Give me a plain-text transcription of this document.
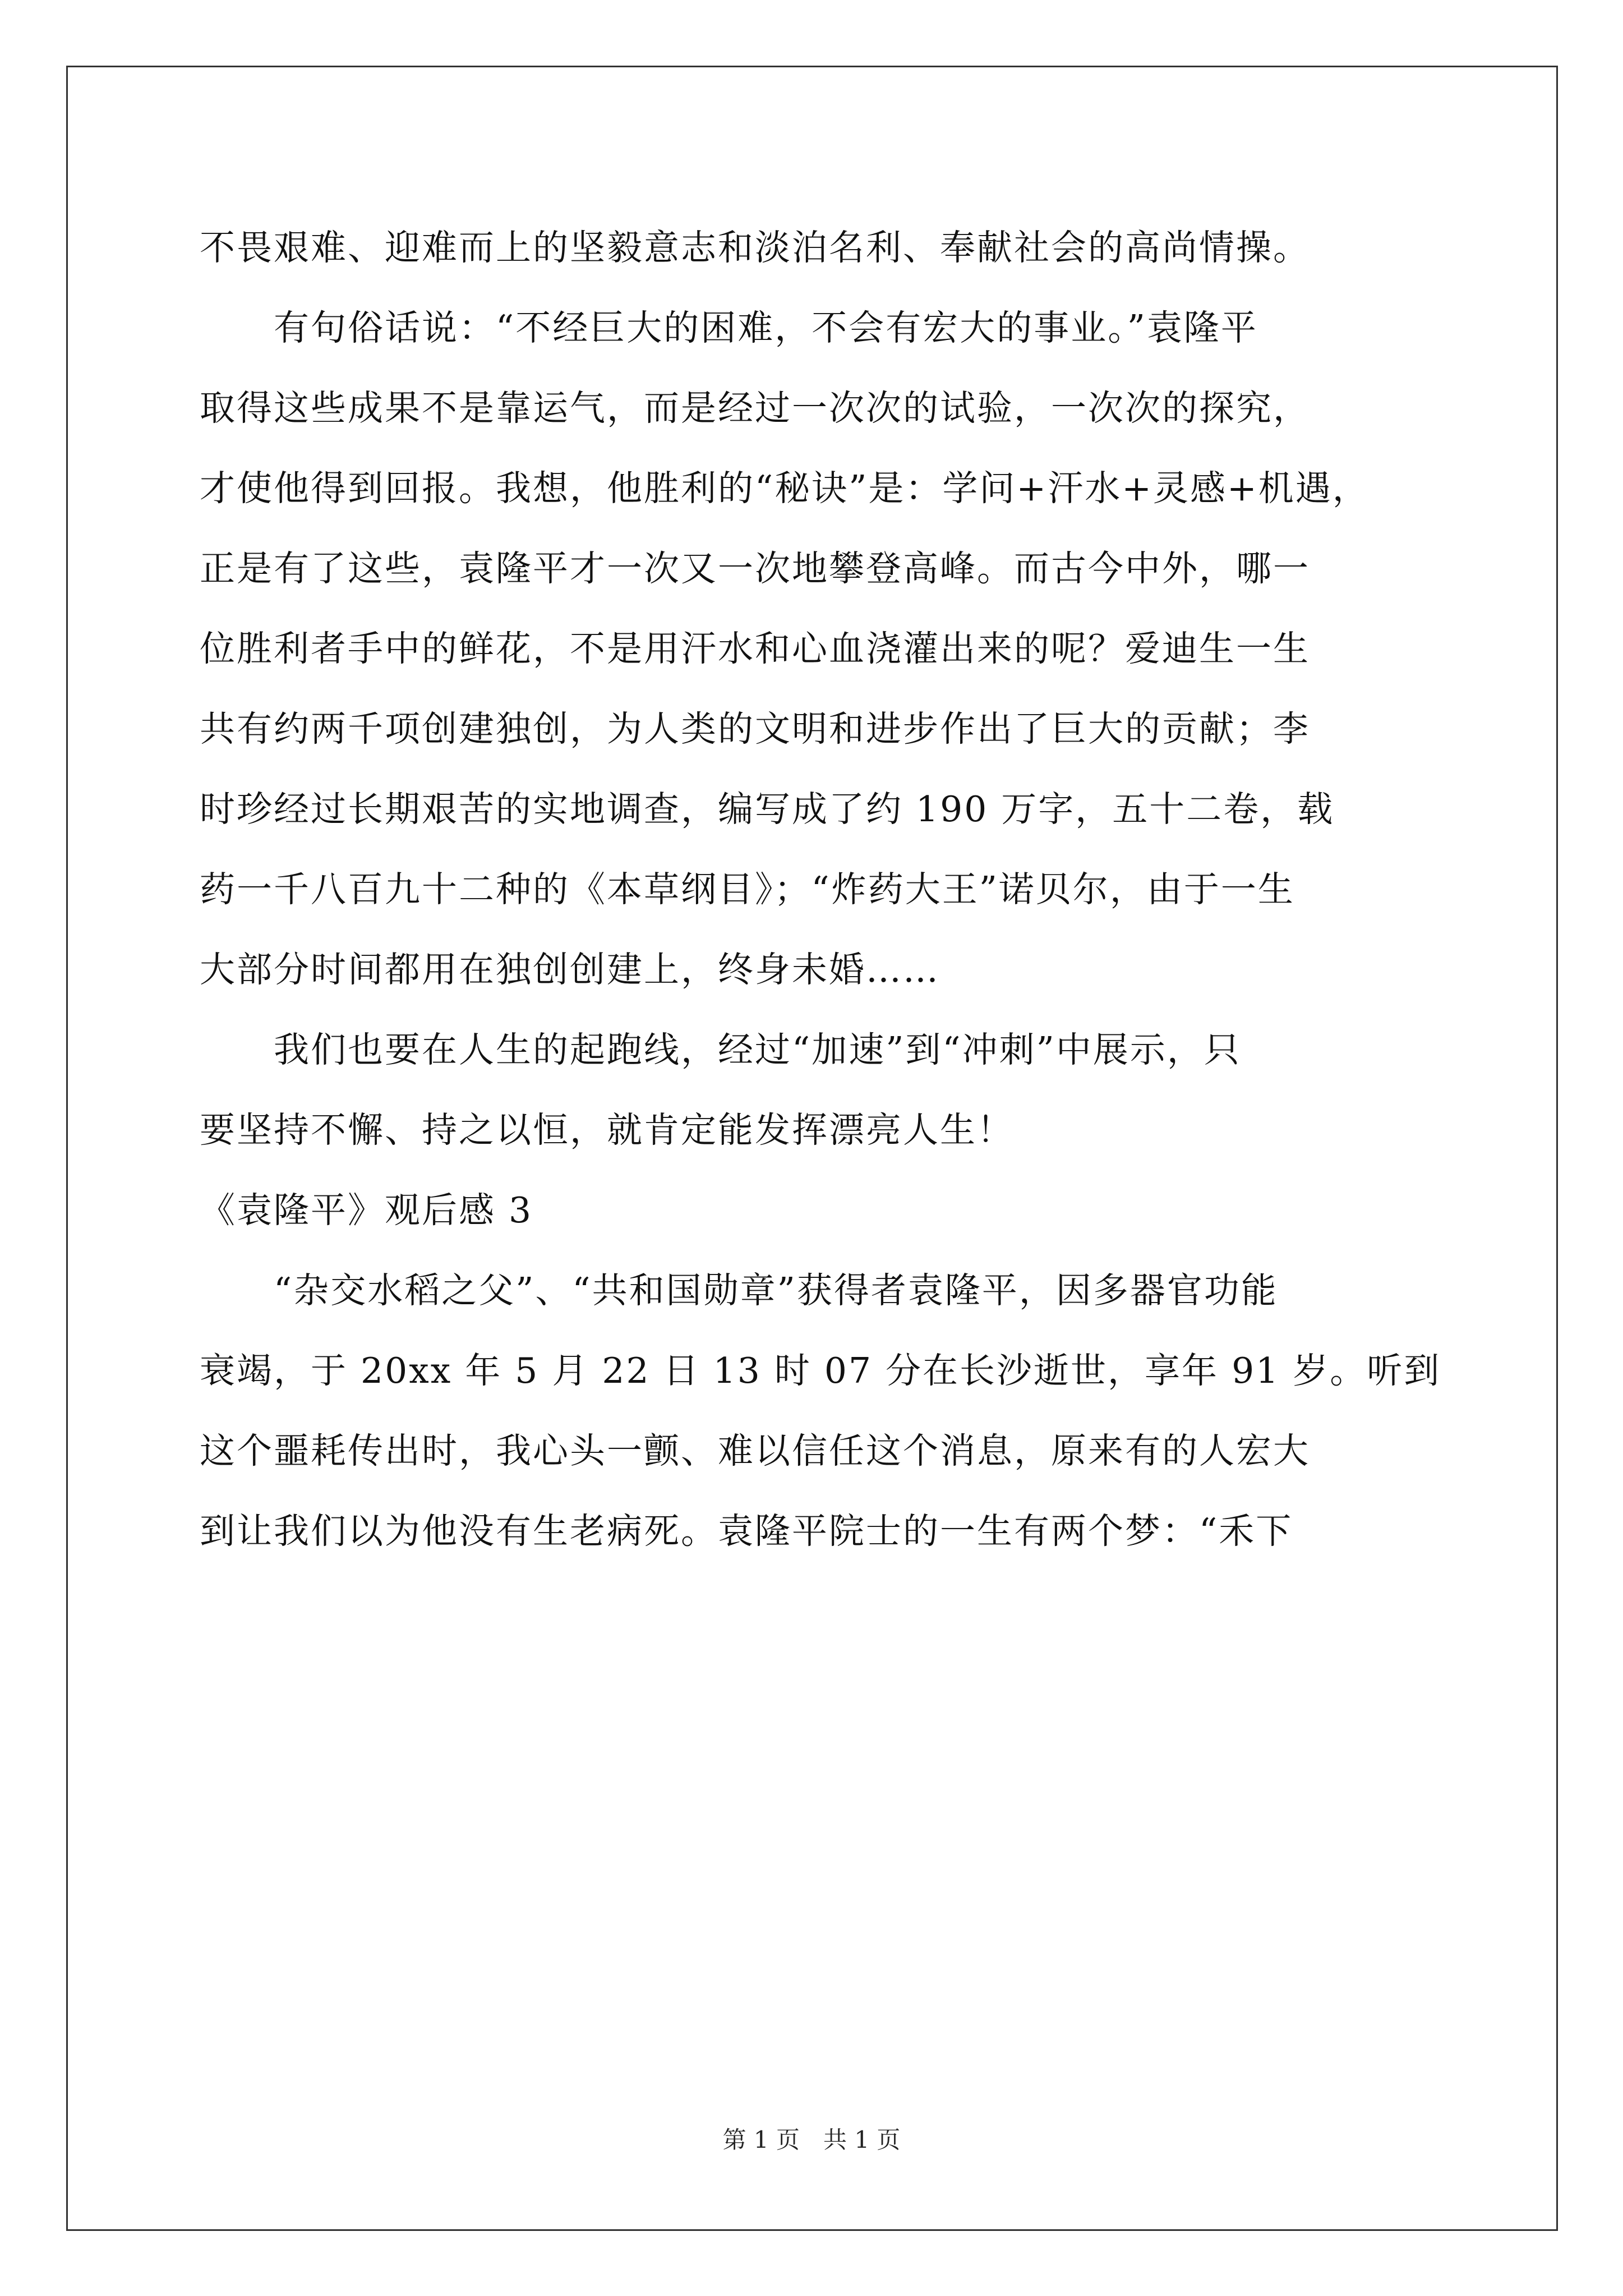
不畏艰难、迎难而上的坚毅意志和淡泊名利、奉献社会的高尚情操。
　　有句俗话说：“不经巨大的困难，不会有宏大的事业。”袁隆平
取得这些成果不是靠运气，而是经过一次次的试验，一次次的探究，
才使他得到回报。我想，他胜利的“秘诀”是：学问+汗水+灵感+机遇，
正是有了这些，袁隆平才一次又一次地攀登高峰。而古今中外，哪一
位胜利者手中的鲜花，不是用汗水和心血浇灌出来的呢？爱迪生一生
共有约两千项创建独创，为人类的文明和进步作出了巨大的贡献；李
时珍经过长期艰苦的实地调查，编写成了约 190 万字，五十二卷，载
药一千八百九十二种的《本草纲目》；“炸药大王”诺贝尔，由于一生
大部分时间都用在独创创建上，终身未婚……
　　我们也要在人生的起跑线，经过“加速”到“冲刺”中展示，只
要坚持不懈、持之以恒，就肯定能发挥漂亮人生！
《袁隆平》观后感 3
　　“杂交水稻之父”、“共和国勋章”获得者袁隆平，因多器官功能
衰竭，于 20xx 年 5 月 22 日 13 时 07 分在长沙逝世，享年 91 岁。听到
这个噩耗传出时，我心头一颤、难以信任这个消息，原来有的人宏大
到让我们以为他没有生老病死。袁隆平院士的一生有两个梦：“禾下
第 1 页　共 1 页
